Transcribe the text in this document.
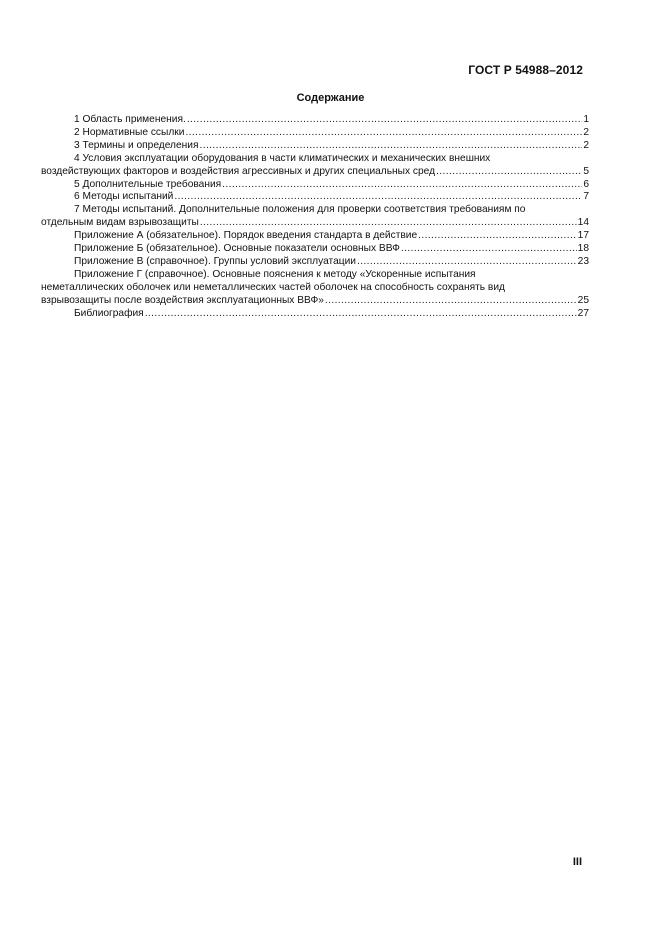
ГОСТ Р 54988–2012
Содержание
1 Область применения. .....	1
2 Нормативные ссылки .....	2
3 Термины и определения .....	2
4 Условия эксплуатации оборудования в части климатических и механических внешних
воздействующих факторов и воздействия агрессивных и других специальных сред .....	5
5 Дополнительные требования .....	6
6 Методы испытаний .....	7
7 Методы испытаний. Дополнительные положения для проверки соответствия требованиям по
отдельным видам взрывозащиты .....	14
Приложение А (обязательное). Порядок введения стандарта в действие .....	17
Приложение Б (обязательное). Основные показатели основных ВВФ .....	18
Приложение В (справочное). Группы условий эксплуатации .....	23
Приложение Г (справочное). Основные пояснения к методу «Ускоренные испытания
неметаллических оболочек или неметаллических частей оболочек на способность сохранять вид
взрывозащиты после воздействия эксплуатационных ВВФ» .....	25
Библиография .....	27
III
